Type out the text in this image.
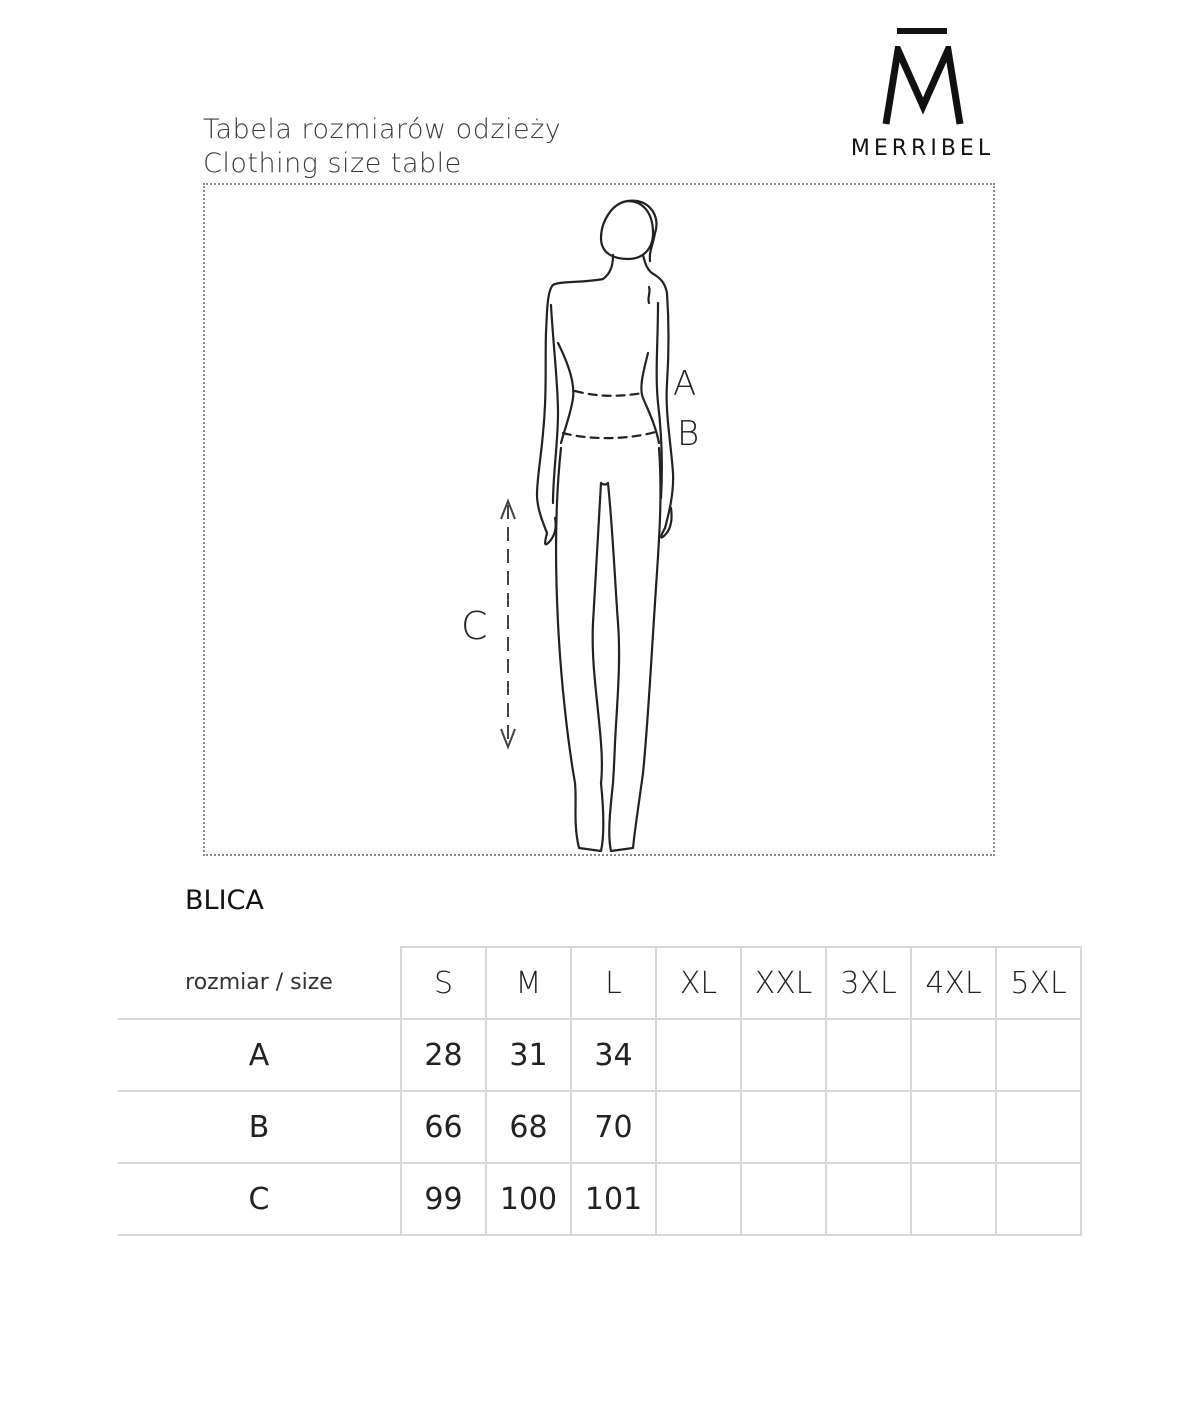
Tabela rozmiarów odzieży
Clothing size table	MERRIBEL
A
B
C
BLICA
rozmiar / size	S	M	L	XL	XXL	3XL	4XL	5XL
A	28	31	34					
B	66	68	70					
C	99	100	101					
